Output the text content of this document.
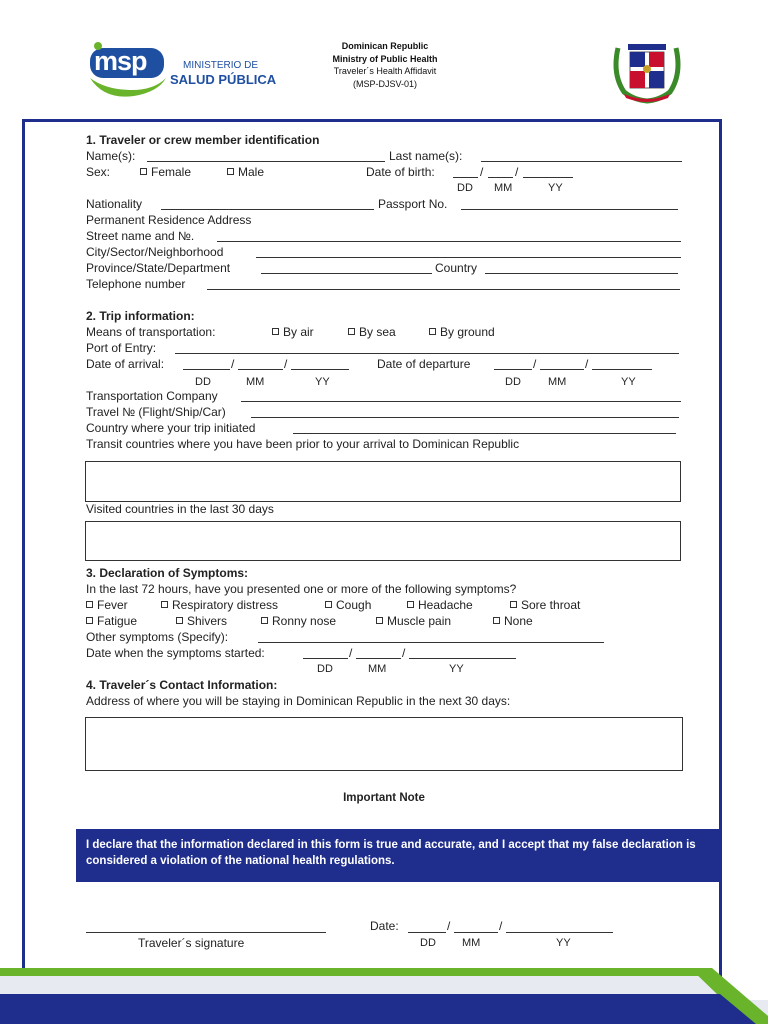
msp	MINISTERIO DE
SALUD PÚBLICA
Dominican Republic
Ministry of Public Health
Traveler´s Health Affidavit
(MSP-DJSV-01)
1. Traveler or crew member identification
Name(s):	Last name(s):
Sex:	Female	Male	Date of birth:	/	/
DD MM	YY
Nationality	Passport No.
Permanent Residence Address
Street name and №.
City/Sector/Neighborhood
Province/State/Department	Country
Telephone number
2. Trip information:
Means of transportation:	By air	By sea	By ground
Port of Entry:
Date of arrival:	/	/	Date of departure	/	/
DD	MM	YY	DD MM	YY
Transportation Company
Travel № (Flight/Ship/Car)
Country where your trip initiated
Transit countries where you have been prior to your arrival to Dominican Republic
Visited countries in the last 30 days
3. Declaration of Symptoms:
In the last 72 hours, have you presented one or more of the following symptoms?
Fever	Respiratory distress	Cough	Headache	Sore throat
Fatigue	Shivers	Ronny nose	Muscle pain	None
Other symptoms (Specify):
Date when the symptoms started:	/	/
DD	MM	YY
4. Traveler´s Contact Information:
Address of where you will be staying in Dominican Republic in the next 30 days:
Important Note
I declare that the information declared in this form is true and accurate, and I accept that my false declaration is considered a violation of the national health regulations.
Traveler´s signature
Date:	/	/
DD MM	YY
